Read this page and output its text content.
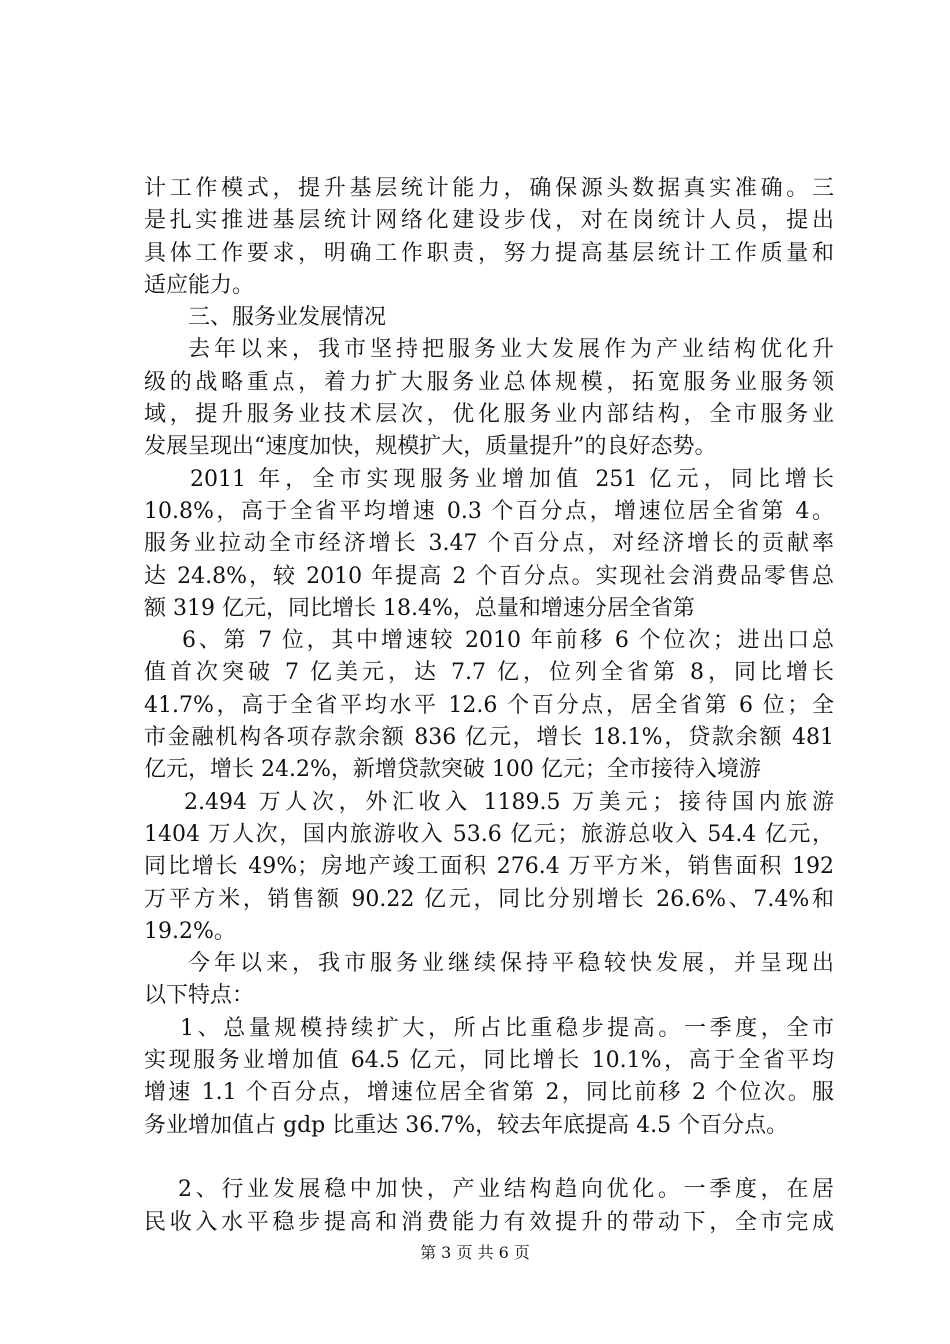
计工作模式，提升基层统计能力，确保源头数据真实准确。三
是扎实推进基层统计网络化建设步伐，对在岗统计人员，提出
具体工作要求，明确工作职责，努力提高基层统计工作质量和
适应能力。
三、服务业发展情况
去年以来，我市坚持把服务业大发展作为产业结构优化升
级的战略重点，着力扩大服务业总体规模，拓宽服务业服务领
域，提升服务业技术层次，优化服务业内部结构，全市服务业
发展呈现出“速度加快，规模扩大，质量提升”的良好态势。
2011 年，全市实现服务业增加值 251 亿元，同比增长
10.8%，高于全省平均增速 0.3 个百分点，增速位居全省第 4。
服务业拉动全市经济增长 3.47 个百分点，对经济增长的贡献率
达 24.8%，较 2010 年提高 2 个百分点。实现社会消费品零售总
额 319 亿元，同比增长 18.4%，总量和增速分居全省第
6、第 7 位，其中增速较 2010 年前移 6 个位次；进出口总
值首次突破 7 亿美元，达 7.7 亿，位列全省第 8，同比增长
41.7%，高于全省平均水平 12.6 个百分点，居全省第 6 位；全
市金融机构各项存款余额 836 亿元，增长 18.1%，贷款余额 481
亿元，增长 24.2%，新增贷款突破 100 亿元；全市接待入境游
2.494 万人次，外汇收入 1189.5 万美元；接待国内旅游
1404 万人次，国内旅游收入 53.6 亿元；旅游总收入 54.4 亿元，
同比增长 49%；房地产竣工面积 276.4 万平方米，销售面积 192
万平方米，销售额 90.22 亿元，同比分别增长 26.6%、7.4%和
19.2%。
今年以来，我市服务业继续保持平稳较快发展，并呈现出
以下特点：
1、总量规模持续扩大，所占比重稳步提高。一季度，全市
实现服务业增加值 64.5 亿元，同比增长 10.1%，高于全省平均
增速 1.1 个百分点，增速位居全省第 2，同比前移 2 个位次。服
务业增加值占 gdp 比重达 36.7%，较去年底提高 4.5 个百分点。
2、行业发展稳中加快，产业结构趋向优化。一季度，在居
民收入水平稳步提高和消费能力有效提升的带动下，全市完成
第 3 页 共 6 页
